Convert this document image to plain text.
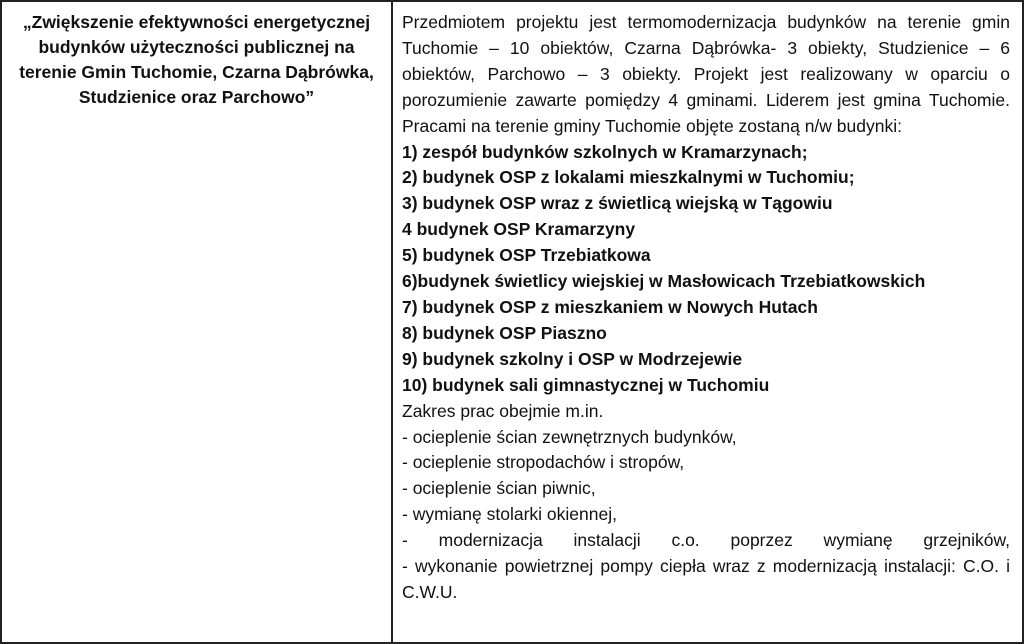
„Zwiększenie efektywności energetycznej budynków użyteczności publicznej na terenie Gmin Tuchomie, Czarna Dąbrówka, Studzienice oraz Parchowo”

Przedmiotem projektu jest termomodernizacja budynków na terenie gmin Tuchomie – 10 obiektów, Czarna Dąbrówka- 3 obiekty, Studzienice – 6 obiektów, Parchowo – 3 obiekty. Projekt jest realizowany w oparciu o porozumienie zawarte pomiędzy 4 gminami. Liderem jest gmina Tuchomie. Pracami na terenie gminy Tuchomie objęte zostaną n/w budynki:

1) zespół budynków szkolnych w Kramarzynach;
2) budynek OSP z lokalami mieszkalnymi w Tuchomiu;
3) budynek OSP wraz z świetlicą wiejską w Tągowiu
4 budynek OSP Kramarzyny
5) budynek OSP Trzebiatkowa
6)budynek świetlicy wiejskiej w Masłowicach Trzebiatkowskich
7) budynek OSP z mieszkaniem w Nowych Hutach
8) budynek OSP Piaszno
9) budynek szkolny i OSP w Modrzejewie
10) budynek sali gimnastycznej w Tuchomiu
Zakres prac obejmie m.in.
- ocieplenie ścian zewnętrznych budynków,
- ocieplenie stropodachów i stropów,
- ocieplenie ścian piwnic,
- wymianę stolarki okiennej,
- modernizacja instalacji c.o. poprzez wymianę grzejników,
- wykonanie powietrznej pompy ciepła wraz z modernizacją instalacji: C.O. i C.W.U.
